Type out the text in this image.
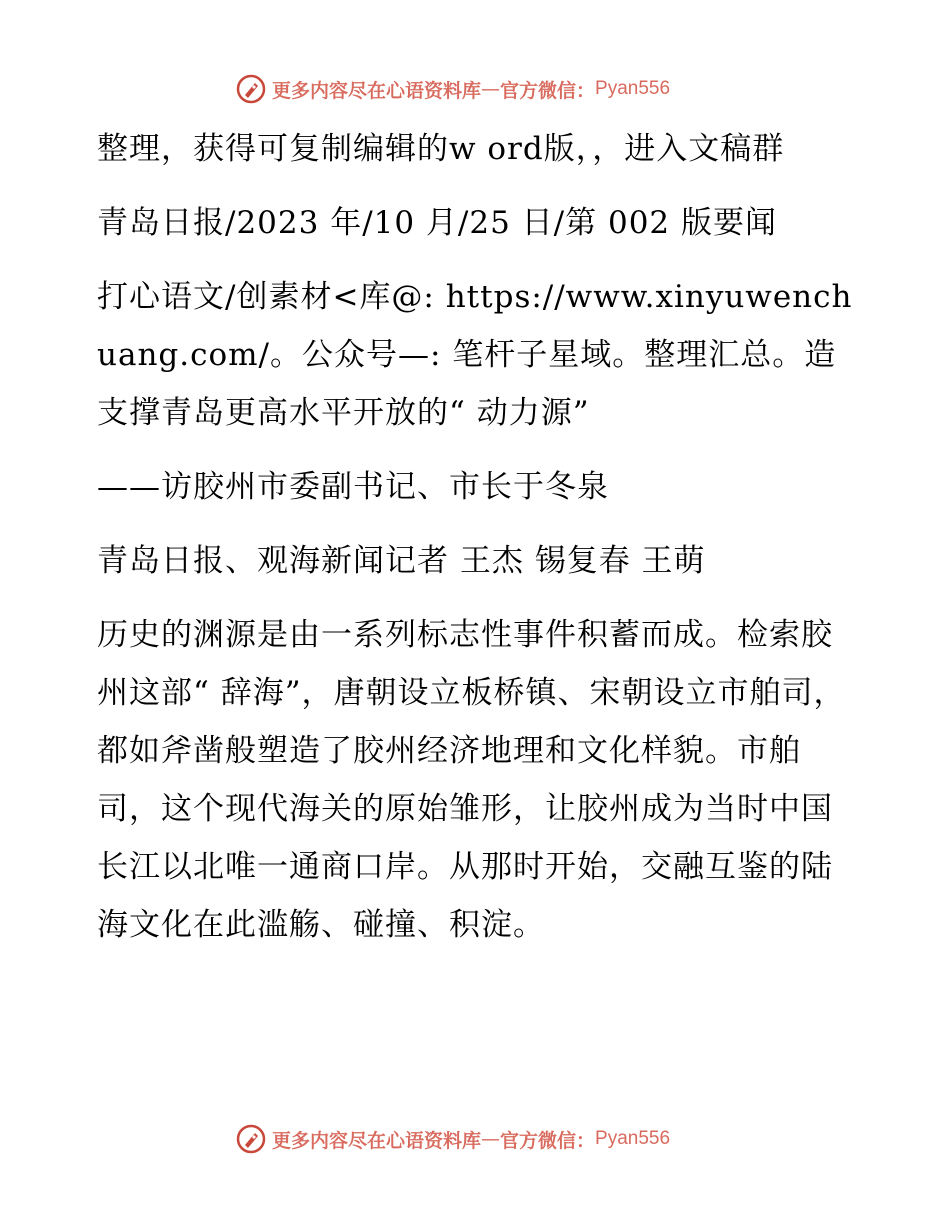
更多内容尽在心语资料库 — 官方微信： Pyan556

整理，获得可复制编辑的w ord版，，进入文稿群

青岛日报/2023 年/10 月/25 日/第 002 版要闻

打心语文/创素材<库@: https://www.xinyuwenchuang.com/。公众号—: 笔杆子星域。整理汇总。造支撑青岛更高水平开放的“ 动力源”

——访胶州市委副书记、市长于冬泉

青岛日报、观海新闻记者 王杰 锡复春 王萌

历史的渊源是由一系列标志性事件积蓄而成。检索胶州这部“ 辞海”，唐朝设立板桥镇、宋朝设立市舶司，都如斧凿般塑造了胶州经济地理和文化样貌。市舶司，这个现代海关的原始雏形，让胶州成为当时中国长江以北唯一通商口岸。从那时开始，交融互鉴的陆海文化在此滥觞、碰撞、积淀。

更多内容尽在心语资料库 — 官方微信： Pyan556
